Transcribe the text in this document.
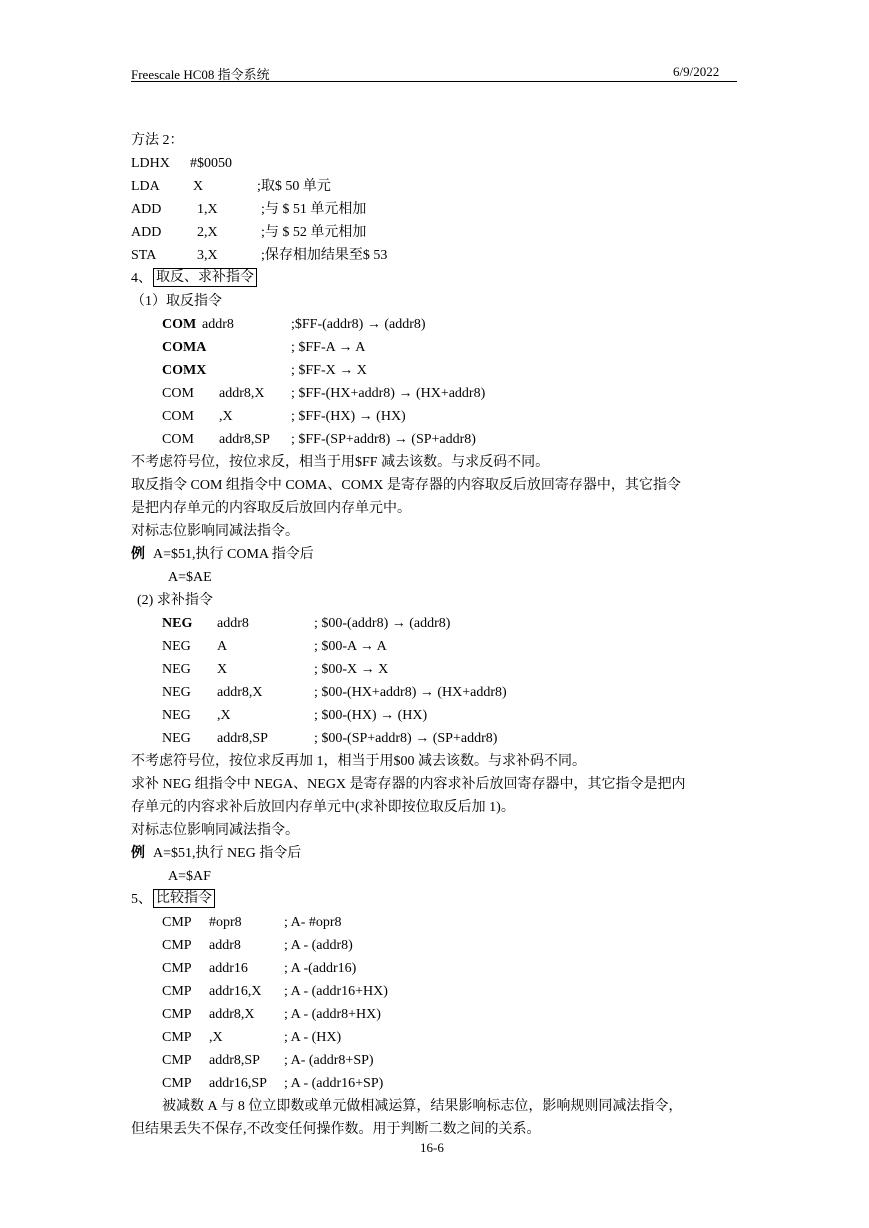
Freescale HC08 指令系统	6/9/2022
方法 2：
LDHX #$0050
LDA X	;取$ 50 单元
ADD	1,X	;与 $ 51 单元相加
ADD	2,X	;与 $ 52 单元相加
STA	3,X	;保存相加结果至$ 53
4、 取反、求补指令
（1）取反指令
COM addr8	;$FF-(addr8) → (addr8)
COMA	; $FF-A → A
COMX	; $FF-X → X
COM addr8,X ; $FF-(HX+addr8) → (HX+addr8)
COM ,X	; $FF-(HX) → (HX)
COM addr8,SP ; $FF-(SP+addr8) → (SP+addr8)
不考虑符号位，按位求反，相当于用$FF 减去该数。与求反码不同。
取反指令 COM 组指令中 COMA、COMX 是寄存器的内容取反后放回寄存器中，其它指令
是把内存单元的内容取反后放回内存单元中。
对标志位影响同减法指令。
例 A=$51,执行 COMA 指令后
A=$AE
(2) 求补指令
NEG addr8	; $00-(addr8) → (addr8)
NEG A	; $00-A → A
NEG X	; $00-X → X
NEG addr8,X	; $00-(HX+addr8) → (HX+addr8)
NEG ,X	; $00-(HX) → (HX)
NEG addr8,SP	; $00-(SP+addr8) → (SP+addr8)
不考虑符号位，按位求反再加 1，相当于用$00 减去该数。与求补码不同。
求补 NEG 组指令中 NEGA、NEGX 是寄存器的内容求补后放回寄存器中，其它指令是把内
存单元的内容求补后放回内存单元中(求补即按位取反后加 1)。
对标志位影响同减法指令。
例 A=$51,执行 NEG 指令后
A=$AF
5、 比较指令
CMP #opr8	; A- #opr8
CMP addr8	; A - (addr8)
CMP addr16	; A -(addr16)
CMP addr16,X ; A - (addr16+HX)
CMP addr8,X ; A - (addr8+HX)
CMP ,X	; A - (HX)
CMP addr8,SP ; A- (addr8+SP)
CMP addr16,SP ; A - (addr16+SP)
被减数 A 与 8 位立即数或单元做相减运算，结果影响标志位，影响规则同减法指令，
但结果丢失不保存,不改变任何操作数。用于判断二数之间的关系。
16-6
